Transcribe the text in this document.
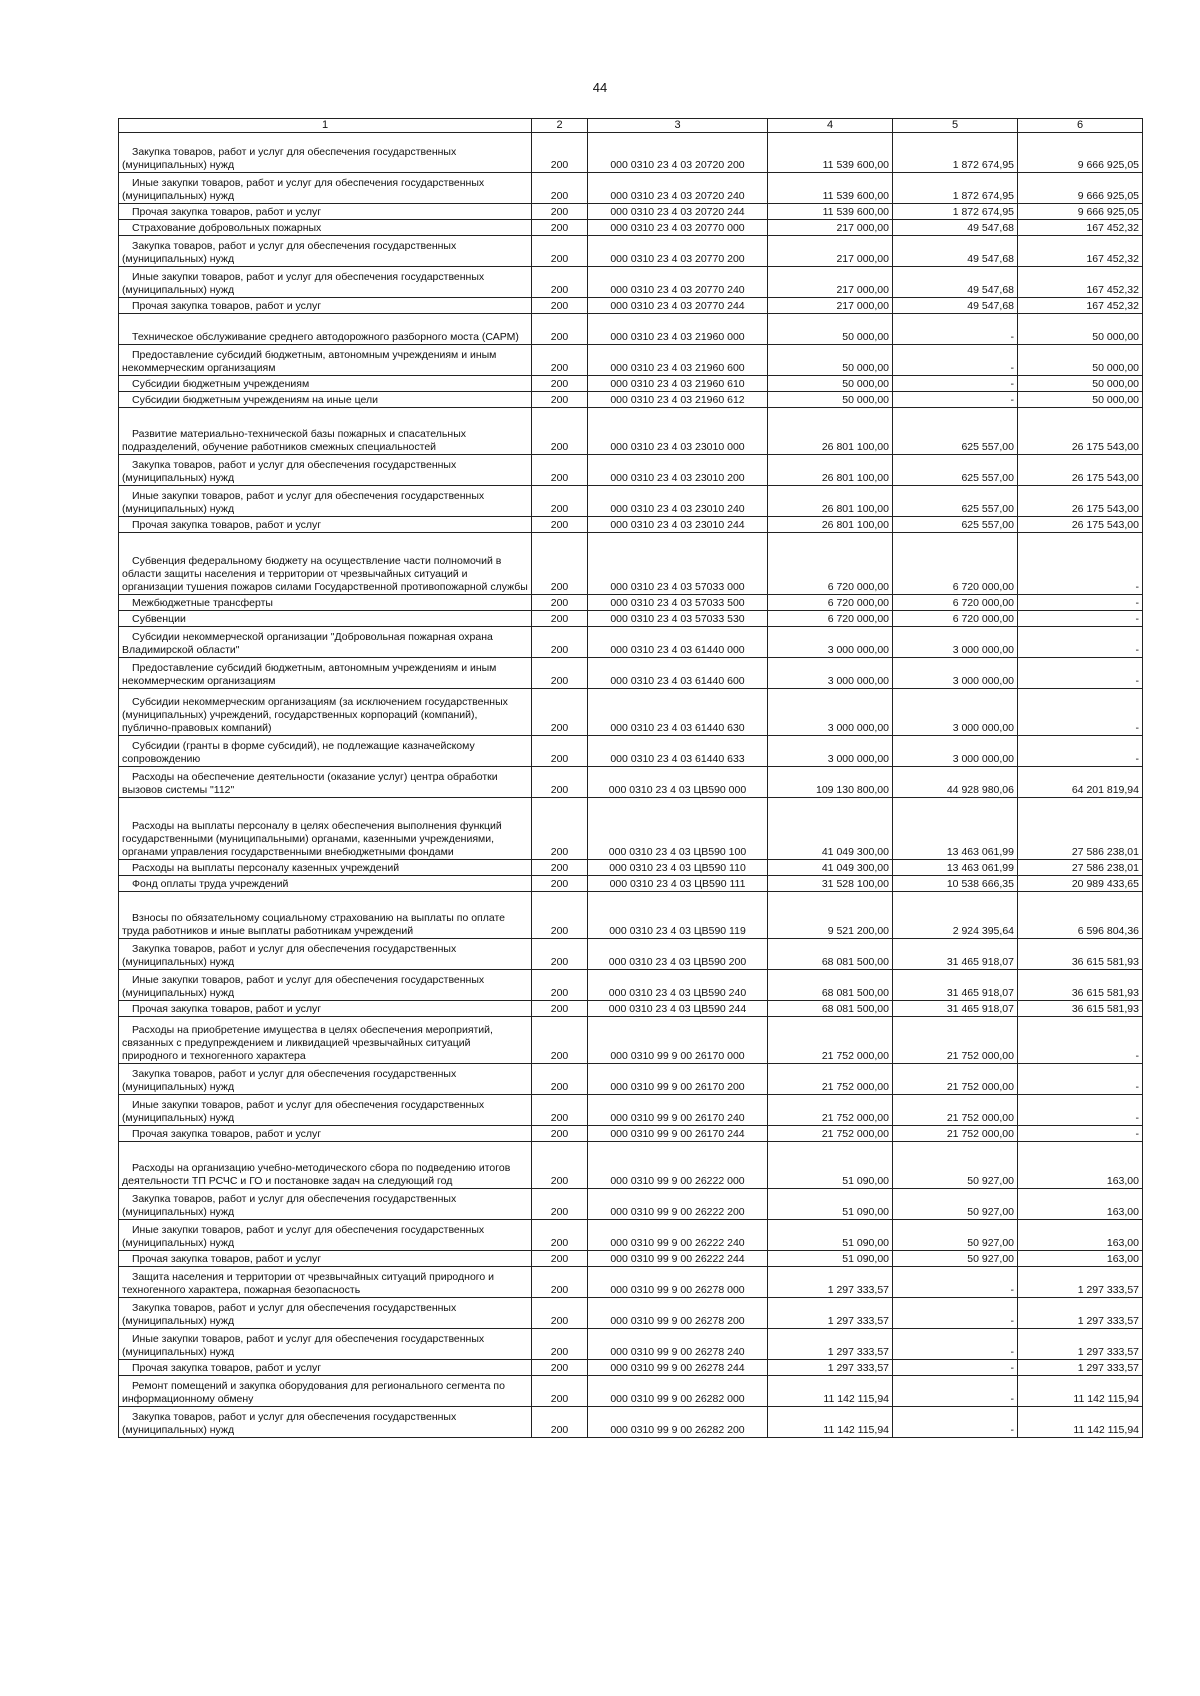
44
1	2	3	4	5	6
Закупка товаров, работ и услуг для обеспечения государственных (муниципальных) нужд	200	000 0310 23 4 03 20720 200	11 539 600,00	1 872 674,95	9 666 925,05
Иные закупки товаров, работ и услуг для обеспечения государственных (муниципальных) нужд	200	000 0310 23 4 03 20720 240	11 539 600,00	1 872 674,95	9 666 925,05
Прочая закупка товаров, работ и услуг	200	000 0310 23 4 03 20720 244	11 539 600,00	1 872 674,95	9 666 925,05
Страхование добровольных пожарных	200	000 0310 23 4 03 20770 000	217 000,00	49 547,68	167 452,32
Закупка товаров, работ и услуг для обеспечения государственных (муниципальных) нужд	200	000 0310 23 4 03 20770 200	217 000,00	49 547,68	167 452,32
Иные закупки товаров, работ и услуг для обеспечения государственных (муниципальных) нужд	200	000 0310 23 4 03 20770 240	217 000,00	49 547,68	167 452,32
Прочая закупка товаров, работ и услуг	200	000 0310 23 4 03 20770 244	217 000,00	49 547,68	167 452,32
Техническое обслуживание среднего автодорожного разборного моста (САРМ)	200	000 0310 23 4 03 21960 000	50 000,00	-	50 000,00
Предоставление субсидий бюджетным, автономным учреждениям и иным некоммерческим организациям	200	000 0310 23 4 03 21960 600	50 000,00	-	50 000,00
Субсидии бюджетным учреждениям	200	000 0310 23 4 03 21960 610	50 000,00	-	50 000,00
Субсидии бюджетным учреждениям на иные цели	200	000 0310 23 4 03 21960 612	50 000,00	-	50 000,00
Развитие материально-технической базы пожарных и спасательных подразделений, обучение работников смежных специальностей	200	000 0310 23 4 03 23010 000	26 801 100,00	625 557,00	26 175 543,00
Закупка товаров, работ и услуг для обеспечения государственных (муниципальных) нужд	200	000 0310 23 4 03 23010 200	26 801 100,00	625 557,00	26 175 543,00
Иные закупки товаров, работ и услуг для обеспечения государственных (муниципальных) нужд	200	000 0310 23 4 03 23010 240	26 801 100,00	625 557,00	26 175 543,00
Прочая закупка товаров, работ и услуг	200	000 0310 23 4 03 23010 244	26 801 100,00	625 557,00	26 175 543,00
Субвенция федеральному бюджету на осуществление части полномочий в области защиты населения и территории от чрезвычайных ситуаций и организации тушения пожаров силами Государственной противопожарной службы	200	000 0310 23 4 03 57033 000	6 720 000,00	6 720 000,00	-
Межбюджетные трансферты	200	000 0310 23 4 03 57033 500	6 720 000,00	6 720 000,00	-
Субвенции	200	000 0310 23 4 03 57033 530	6 720 000,00	6 720 000,00	-
Субсидии некоммерческой организации "Добровольная пожарная охрана Владимирской области"	200	000 0310 23 4 03 61440 000	3 000 000,00	3 000 000,00	-
Предоставление субсидий бюджетным, автономным учреждениям и иным некоммерческим организациям	200	000 0310 23 4 03 61440 600	3 000 000,00	3 000 000,00	-
Субсидии некоммерческим организациям (за исключением государственных (муниципальных) учреждений, государственных корпораций (компаний), публично-правовых компаний)	200	000 0310 23 4 03 61440 630	3 000 000,00	3 000 000,00	-
Субсидии (гранты в форме субсидий), не подлежащие казначейскому сопровождению	200	000 0310 23 4 03 61440 633	3 000 000,00	3 000 000,00	-
Расходы на обеспечение деятельности (оказание услуг) центра обработки вызовов системы "112"	200	000 0310 23 4 03 ЦВ590 000	109 130 800,00	44 928 980,06	64 201 819,94
Расходы на выплаты персоналу в целях обеспечения выполнения функций государственными (муниципальными) органами, казенными учреждениями, органами управления государственными внебюджетными фондами	200	000 0310 23 4 03 ЦВ590 100	41 049 300,00	13 463 061,99	27 586 238,01
Расходы на выплаты персоналу казенных учреждений	200	000 0310 23 4 03 ЦВ590 110	41 049 300,00	13 463 061,99	27 586 238,01
Фонд оплаты труда учреждений	200	000 0310 23 4 03 ЦВ590 111	31 528 100,00	10 538 666,35	20 989 433,65
Взносы по обязательному социальному страхованию на выплаты по оплате труда работников и иные выплаты работникам учреждений	200	000 0310 23 4 03 ЦВ590 119	9 521 200,00	2 924 395,64	6 596 804,36
Закупка товаров, работ и услуг для обеспечения государственных (муниципальных) нужд	200	000 0310 23 4 03 ЦВ590 200	68 081 500,00	31 465 918,07	36 615 581,93
Иные закупки товаров, работ и услуг для обеспечения государственных (муниципальных) нужд	200	000 0310 23 4 03 ЦВ590 240	68 081 500,00	31 465 918,07	36 615 581,93
Прочая закупка товаров, работ и услуг	200	000 0310 23 4 03 ЦВ590 244	68 081 500,00	31 465 918,07	36 615 581,93
Расходы на приобретение имущества в целях обеспечения мероприятий, связанных с предупреждением и ликвидацией чрезвычайных ситуаций природного и техногенного характера	200	000 0310 99 9 00 26170 000	21 752 000,00	21 752 000,00	-
Закупка товаров, работ и услуг для обеспечения государственных (муниципальных) нужд	200	000 0310 99 9 00 26170 200	21 752 000,00	21 752 000,00	-
Иные закупки товаров, работ и услуг для обеспечения государственных (муниципальных) нужд	200	000 0310 99 9 00 26170 240	21 752 000,00	21 752 000,00	-
Прочая закупка товаров, работ и услуг	200	000 0310 99 9 00 26170 244	21 752 000,00	21 752 000,00	-
Расходы на организацию учебно-методического сбора по подведению итогов деятельности ТП РСЧС и ГО и постановке задач на следующий год	200	000 0310 99 9 00 26222 000	51 090,00	50 927,00	163,00
Закупка товаров, работ и услуг для обеспечения государственных (муниципальных) нужд	200	000 0310 99 9 00 26222 200	51 090,00	50 927,00	163,00
Иные закупки товаров, работ и услуг для обеспечения государственных (муниципальных) нужд	200	000 0310 99 9 00 26222 240	51 090,00	50 927,00	163,00
Прочая закупка товаров, работ и услуг	200	000 0310 99 9 00 26222 244	51 090,00	50 927,00	163,00
Защита населения и территории от чрезвычайных ситуаций природного и техногенного характера, пожарная безопасность	200	000 0310 99 9 00 26278 000	1 297 333,57	-	1 297 333,57
Закупка товаров, работ и услуг для обеспечения государственных (муниципальных) нужд	200	000 0310 99 9 00 26278 200	1 297 333,57	-	1 297 333,57
Иные закупки товаров, работ и услуг для обеспечения государственных (муниципальных) нужд	200	000 0310 99 9 00 26278 240	1 297 333,57	-	1 297 333,57
Прочая закупка товаров, работ и услуг	200	000 0310 99 9 00 26278 244	1 297 333,57	-	1 297 333,57
Ремонт помещений и закупка оборудования для регионального сегмента по информационному обмену	200	000 0310 99 9 00 26282 000	11 142 115,94	-	11 142 115,94
Закупка товаров, работ и услуг для обеспечения государственных (муниципальных) нужд	200	000 0310 99 9 00 26282 200	11 142 115,94	-	11 142 115,94
